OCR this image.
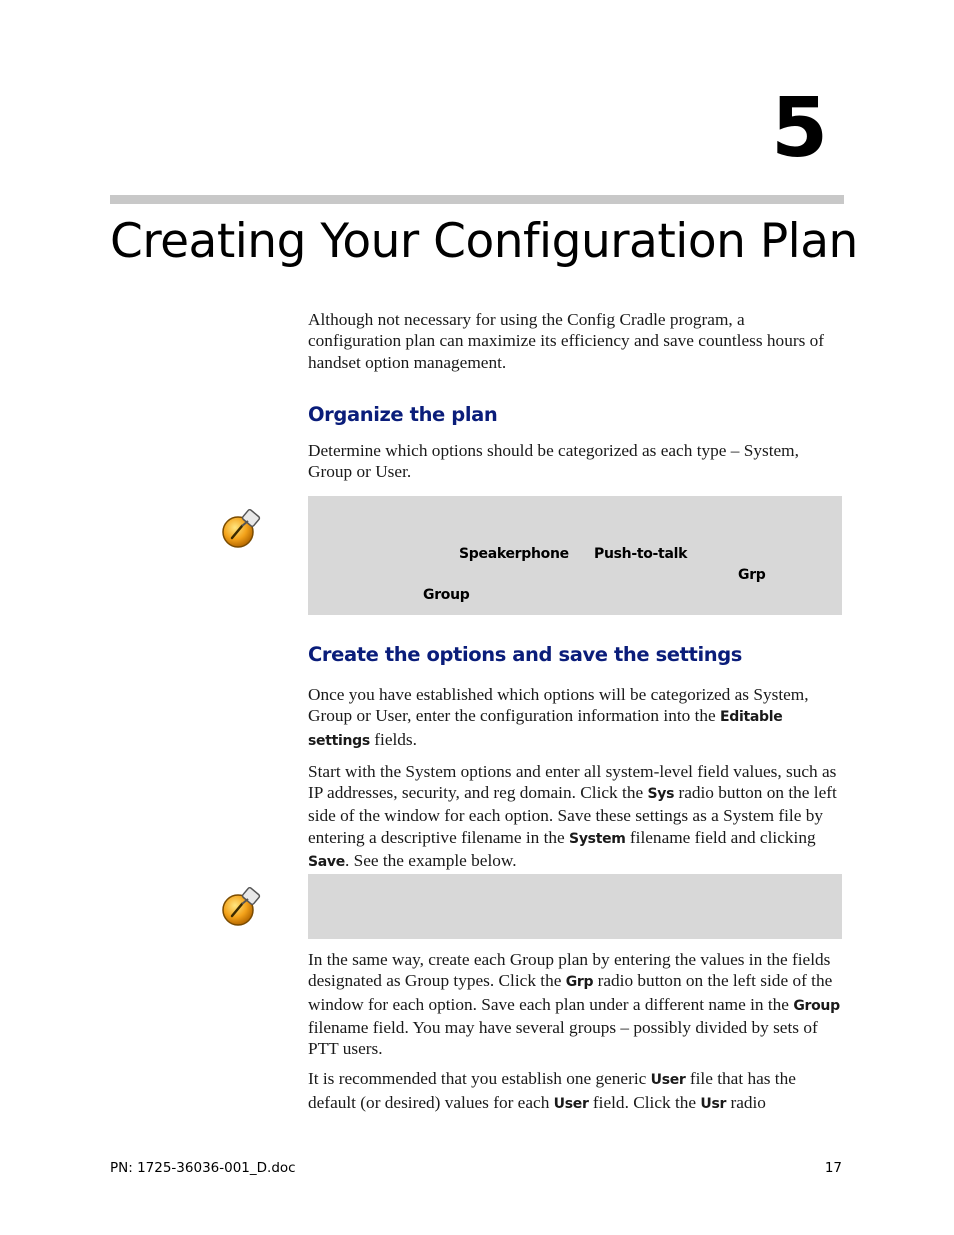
5
Creating Your Configuration Plan

Although not necessary for using the Config Cradle program, a configuration plan can maximize its efficiency and save countless hours of handset option management.

Organize the plan

Determine which options should be categorized as each type – System, Group or User.

Speakerphone Push-to-talk
Grp
Group
Create the options and save the settings

Once you have established which options will be categorized as System, Group or User, enter the configuration information into the Editable settings fields.

Start with the System options and enter all system-level field values, such as IP addresses, security, and reg domain. Click the Sys radio button on the left side of the window for each option. Save these settings as a System file by entering a descriptive filename in the System filename field and clicking Save. See the example below.

In the same way, create each Group plan by entering the values in the fields designated as Group types. Click the Grp radio button on the left side of the window for each option. Save each plan under a different name in the Group filename field. You may have several groups – possibly divided by sets of PTT users.

It is recommended that you establish one generic User file that has the default (or desired) values for each User field. Click the Usr radio

PN: 1725-36036-001_D.doc	17
